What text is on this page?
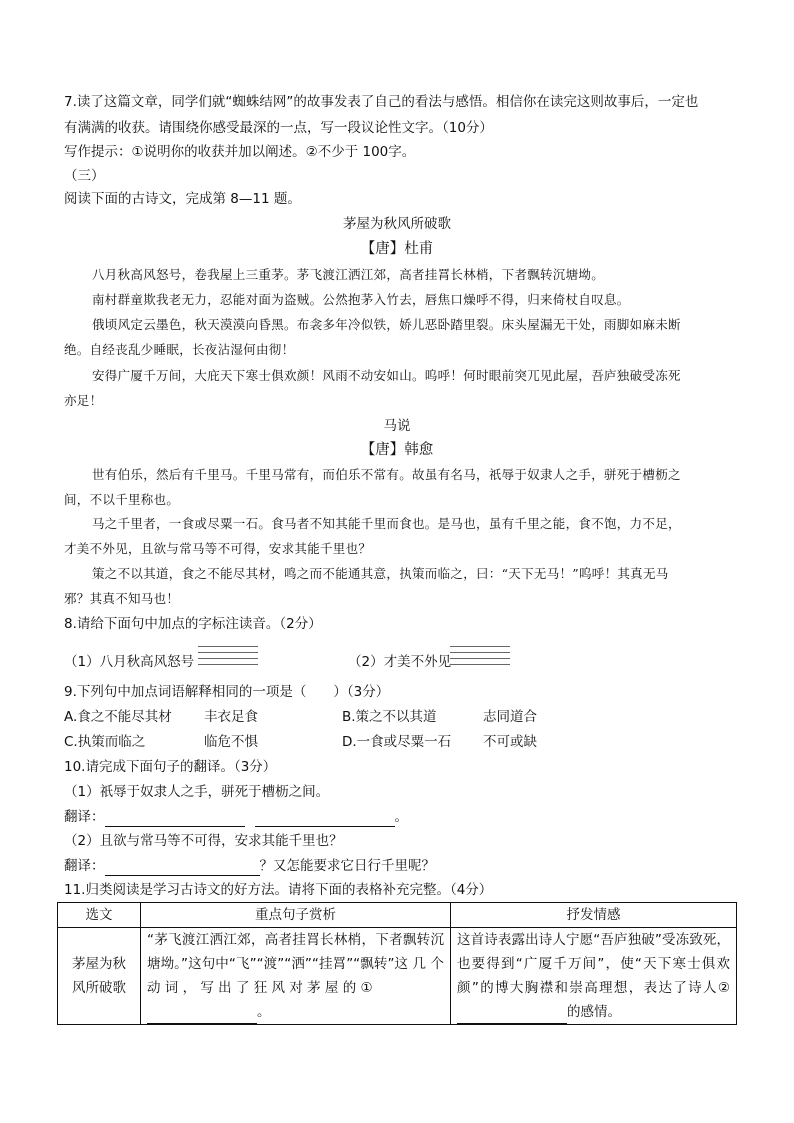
7.读了这篇文章，同学们就“蜘蛛结网”的故事发表了自己的看法与感悟。相信你在读完这则故事后，一定也
有满满的收获。请围绕你感受最深的一点，写一段议论性文字。（10分）
写作提示：①说明你的收获并加以阐述。②不少于 100字。
（三）
阅读下面的古诗文，完成第 8—11 题。
茅屋为秋风所破歌
【唐】杜甫
八月秋高风怒号，卷我屋上三重茅。茅飞渡江洒江郊，高者挂罥长林梢，下者飘转沉塘坳。
南村群童欺我老无力，忍能对面为盗贼。公然抱茅入竹去，唇焦口燥呼不得，归来倚杖自叹息。
俄顷风定云墨色，秋天漠漠向昏黑。布衾多年冷似铁，娇儿恶卧踏里裂。床头屋漏无干处，雨脚如麻未断
绝。自经丧乱少睡眠，长夜沾湿何由彻！
安得广厦千万间，大庇天下寒士俱欢颜！风雨不动安如山。呜呼！何时眼前突兀见此屋，吾庐独破受冻死
亦足！
马说
【唐】韩愈
世有伯乐，然后有千里马。千里马常有，而伯乐不常有。故虽有名马，祇辱于奴隶人之手，骈死于槽枥之
间，不以千里称也。
马之千里者，一食或尽粟一石。食马者不知其能千里而食也。是马也，虽有千里之能，食不饱，力不足，
才美不外见，且欲与常马等不可得，安求其能千里也？
策之不以其道，食之不能尽其材，鸣之而不能通其意，执策而临之，曰：“天下无马！”呜呼！其真无马
邪？其真不知马也！
8.请给下面句中加点的字标注读音。（2分）
（1）八月秋高风怒号	（2）才美不外见
9.下列句中加点词语解释相同的一项是（　　）（3分）
A.食之不能尽其材 丰衣足食	B.策之不以其道	志同道合
C.执策而临之	临危不惧	D.一食或尽粟一石 不可或缺
10.请完成下面句子的翻译。（3分）
（1）祇辱于奴隶人之手，骈死于槽枥之间。
翻译：	。
（2）且欲与常马等不可得，安求其能千里也？
翻译：	？又怎能要求它日行千里呢？
11.归类阅读是学习古诗文的好方法。请将下面的表格补充完整。（4分）
选文	重点句子赏析	抒发情感
茅屋为秋风所破歌	“茅飞渡江洒江郊，高者挂罥长林梢，下者飘转沉塘坳。”这句中“飞”“渡”“洒”“挂罥”“飘转”这 几 个 动 词 ， 写 出 了 狂 风 对 茅 屋 的 ①
。	这首诗表露出诗人宁愿“吾庐独破”受冻致死，也要得到“广厦千万间”，使“天下寒士俱欢颜”的博大胸襟和崇高理想，表达了诗人②的感情。
